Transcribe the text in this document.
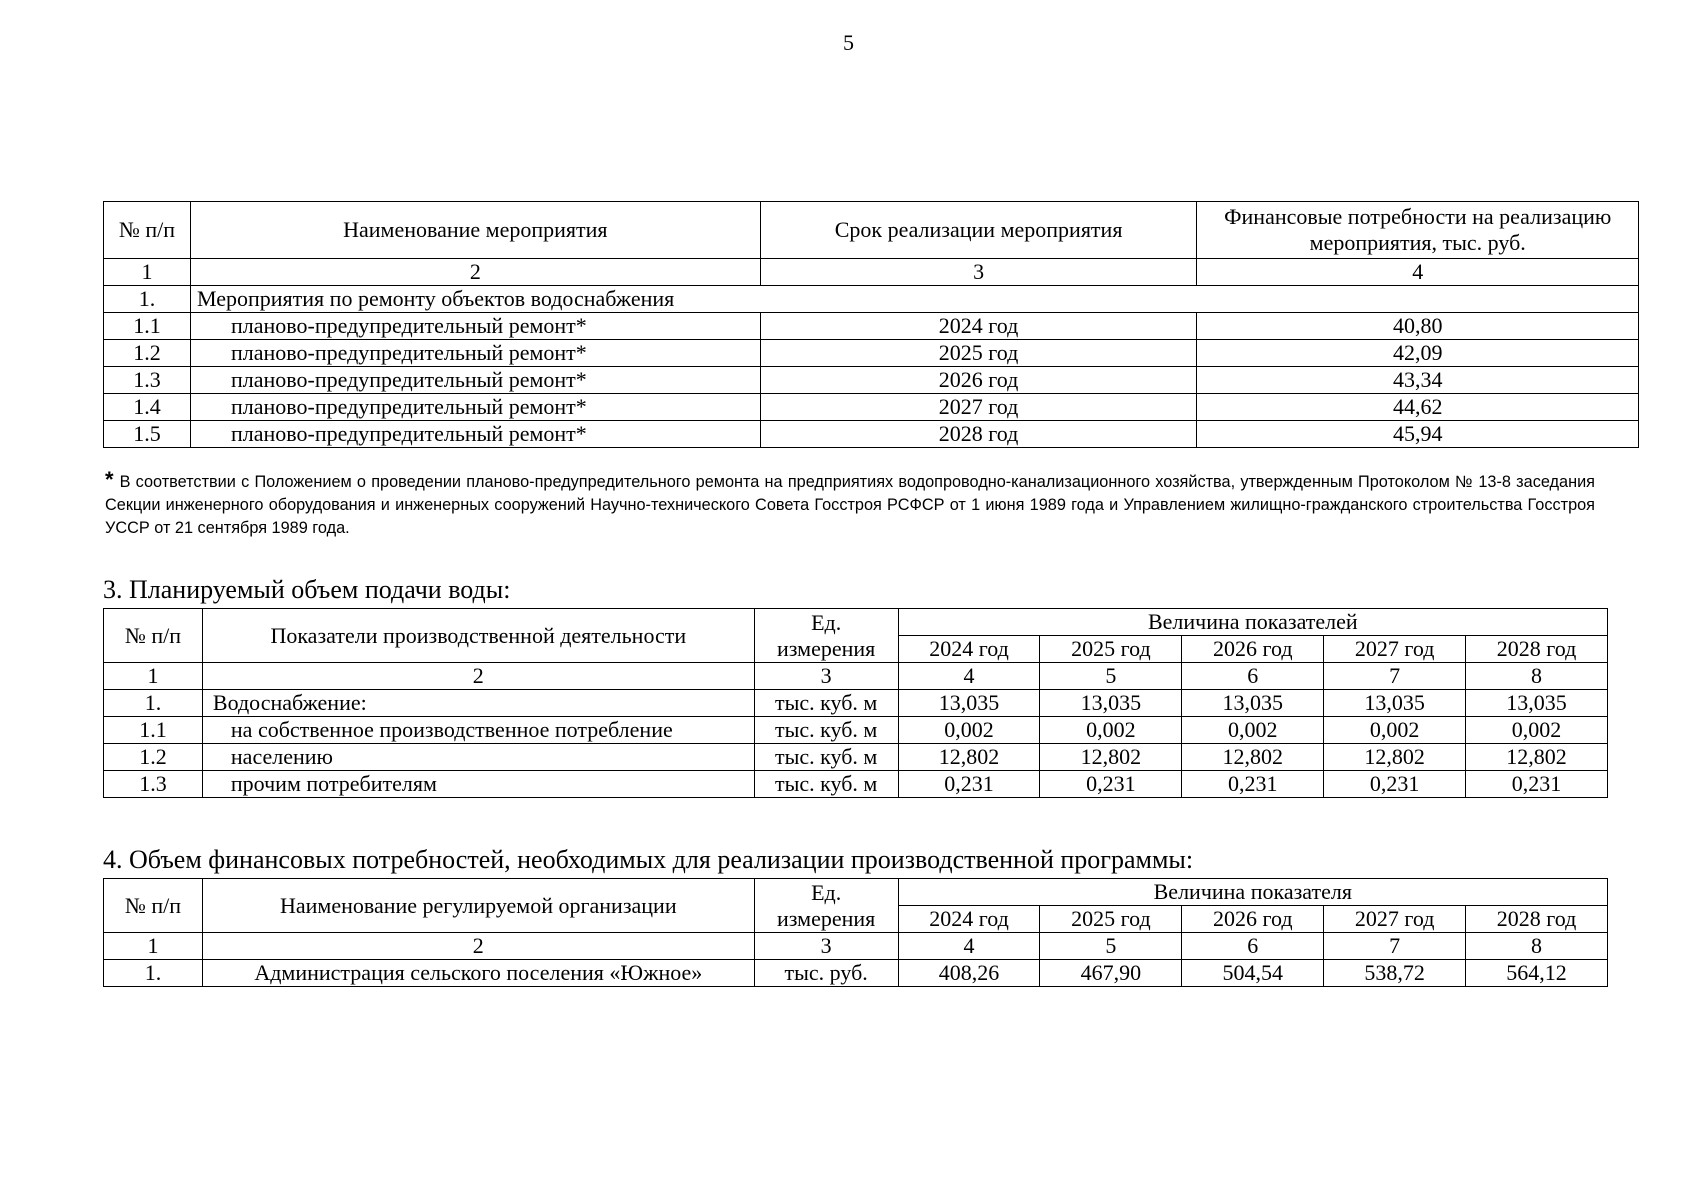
5
№ п/п	Наименование мероприятия	Срок реализации мероприятия	Финансовые потребности на реализацию мероприятия, тыс. руб.
1	2	3	4
1.	Мероприятия по ремонту объектов водоснабжения		
1.1	планово-предупредительный ремонт*	2024 год	40,80
1.2	планово-предупредительный ремонт*	2025 год	42,09
1.3	планово-предупредительный ремонт*	2026 год	43,34
1.4	планово-предупредительный ремонт*	2027 год	44,62
1.5	планово-предупредительный ремонт*	2028 год	45,94
* В соответствии с Положением о проведении планово-предупредительного ремонта на предприятиях водопроводно-канализационного хозяйства, утвержденным Протоколом № 13-8 заседания Секции инженерного оборудования и инженерных сооружений Научно-технического Совета Госстроя РСФСР от 1 июня 1989 года и Управлением жилищно-гражданского строительства Госстроя УССР от 21 сентября 1989 года.
3. Планируемый объем подачи воды:
№ п/п	Показатели производственной деятельности	Ед. измерения	Величина показателей				
			2024 год	2025 год	2026 год	2027 год	2028 год
1	2	3	4	5	6	7	8
1.	Водоснабжение:	тыс. куб. м	13,035	13,035	13,035	13,035	13,035
1.1	на собственное производственное потребление	тыс. куб. м	0,002	0,002	0,002	0,002	0,002
1.2	населению	тыс. куб. м	12,802	12,802	12,802	12,802	12,802
1.3	прочим потребителям	тыс. куб. м	0,231	0,231	0,231	0,231	0,231
4. Объем финансовых потребностей, необходимых для реализации производственной программы:
№ п/п	Наименование регулируемой организации	Ед. измерения	Величина показателя				
			2024 год	2025 год	2026 год	2027 год	2028 год
1	2	3	4	5	6	7	8
1.	Администрация сельского поселения «Южное»	тыс. руб.	408,26	467,90	504,54	538,72	564,12
